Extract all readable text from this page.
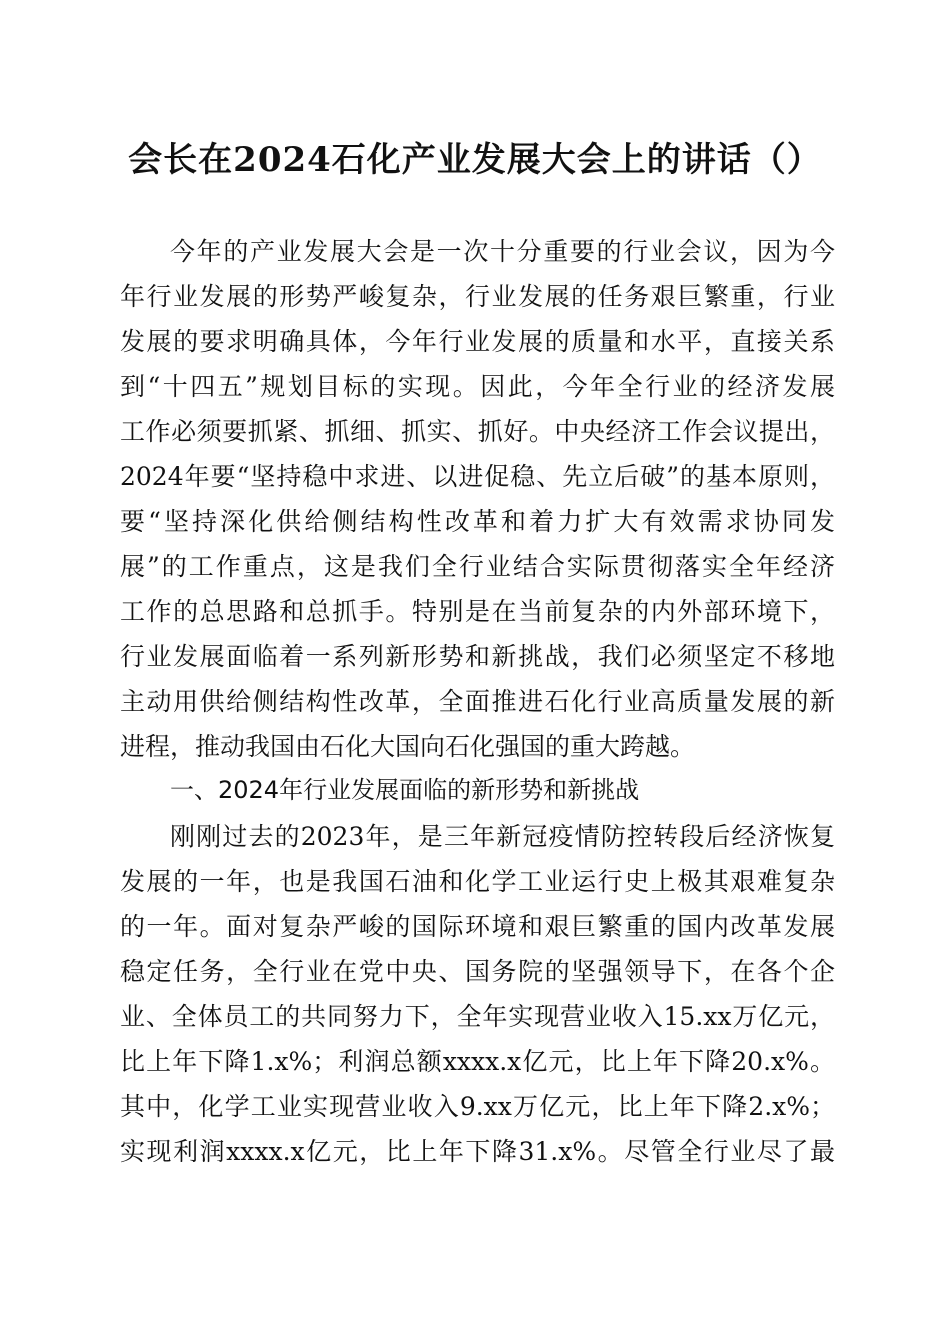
会长在2024石化产业发展大会上的讲话（）
今年的产业发展大会是一次十分重要的行业会议，因为今
年行业发展的形势严峻复杂，行业发展的任务艰巨繁重，行业
发展的要求明确具体，今年行业发展的质量和水平，直接关系
到“十四五”规划目标的实现。因此，今年全行业的经济发展
工作必须要抓紧、抓细、抓实、抓好。中央经济工作会议提出，
2024年要“坚持稳中求进、以进促稳、先立后破”的基本原则，
要“坚持深化供给侧结构性改革和着力扩大有效需求协同发
展”的工作重点，这是我们全行业结合实际贯彻落实全年经济
工作的总思路和总抓手。特别是在当前复杂的内外部环境下，
行业发展面临着一系列新形势和新挑战，我们必须坚定不移地
主动用供给侧结构性改革，全面推进石化行业高质量发展的新
进程，推动我国由石化大国向石化强国的重大跨越。
一、2024年行业发展面临的新形势和新挑战
刚刚过去的2023年，是三年新冠疫情防控转段后经济恢复
发展的一年，也是我国石油和化学工业运行史上极其艰难复杂
的一年。面对复杂严峻的国际环境和艰巨繁重的国内改革发展
稳定任务，全行业在党中央、国务院的坚强领导下，在各个企
业、全体员工的共同努力下，全年实现营业收入15.xx万亿元，
比上年下降1.x%；利润总额xxxx.x亿元，比上年下降20.x%。
其中，化学工业实现营业收入9.xx万亿元，比上年下降2.x%；
实现利润xxxx.x亿元，比上年下降31.x%。尽管全行业尽了最
